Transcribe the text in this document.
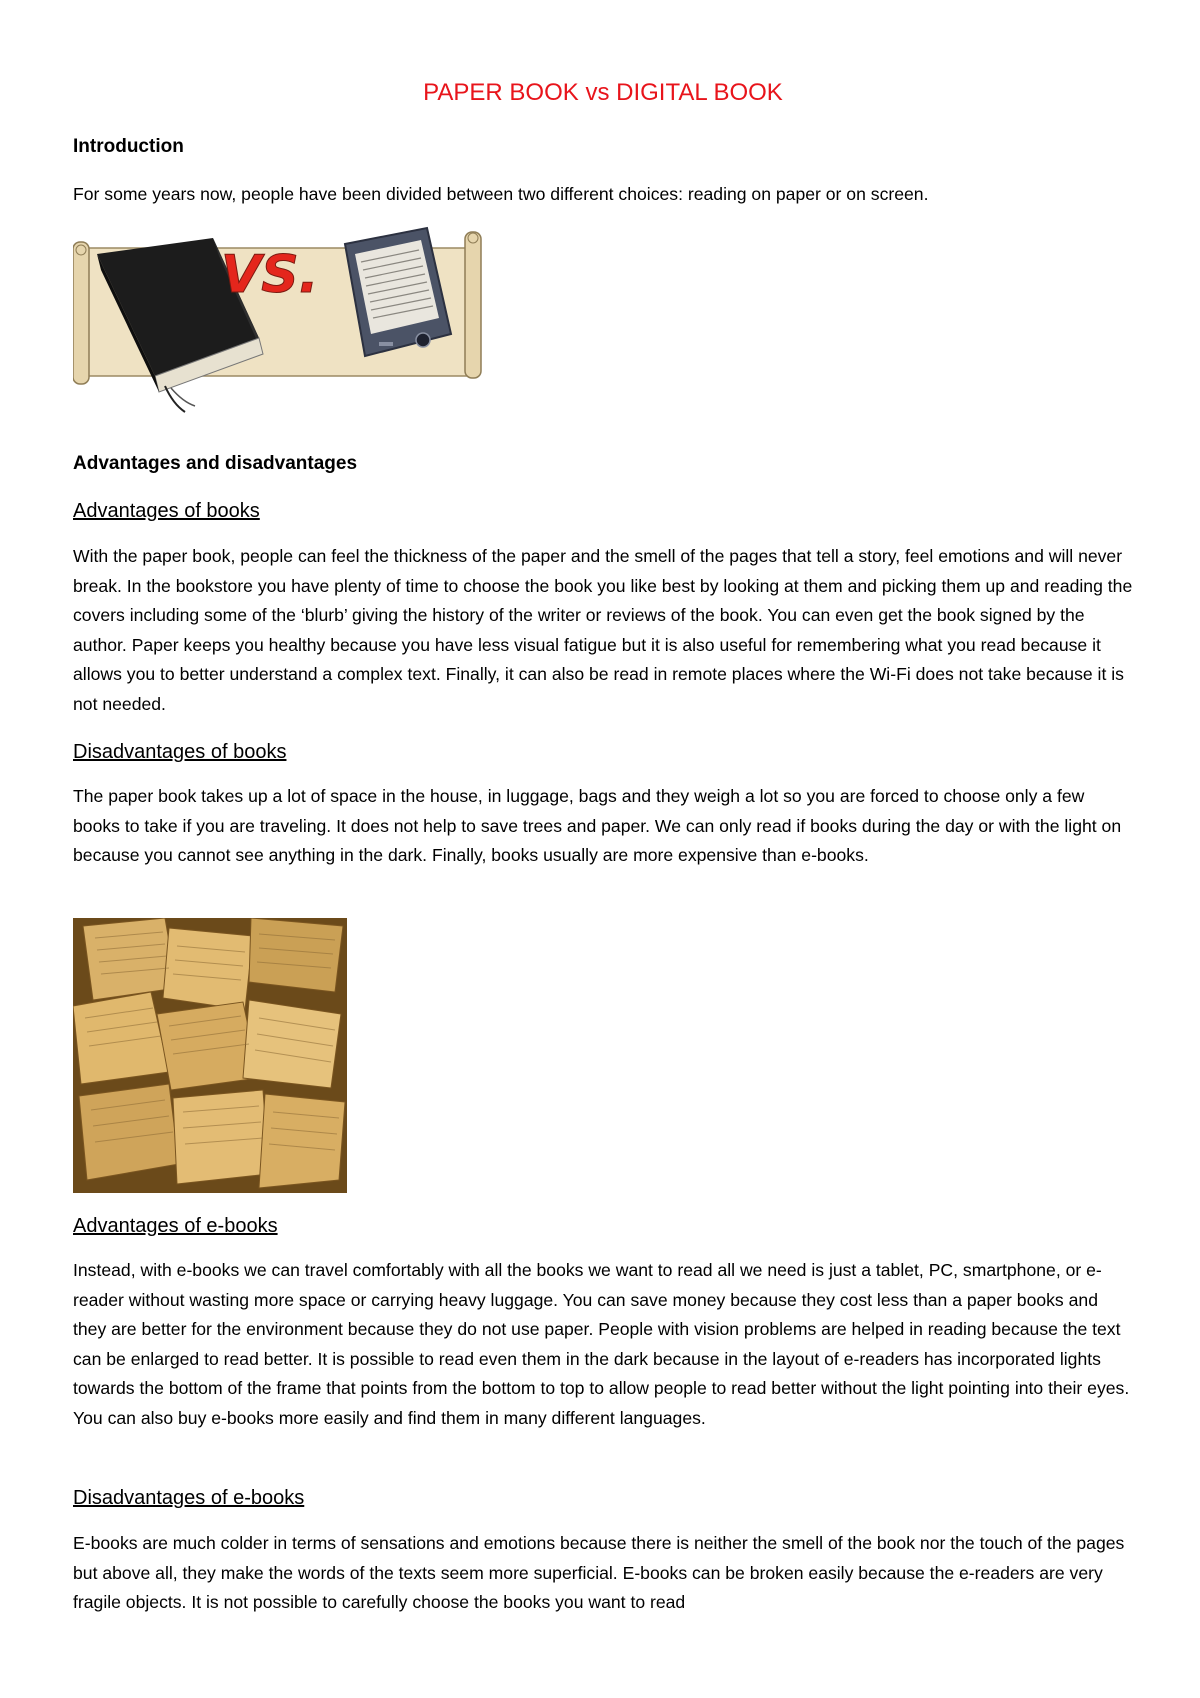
PAPER BOOK vs DIGITAL BOOK
Introduction

For some years now, people have been divided between two different choices: reading on paper or on screen.

VS.
Advantages and disadvantages
Advantages of books

With the paper book, people can feel the thickness of the paper and the smell of the pages that tell a story, feel emotions and will never break. In the bookstore you have plenty of time to choose the book you like best by looking at them and picking them up and reading the covers including some of the ‘blurb’ giving the history of the writer or reviews of the book. You can even get the book signed by the author. Paper keeps you healthy because you have less visual fatigue but it is also useful for remembering what you read because it allows you to better understand a complex text. Finally, it can also be read in remote places where the Wi-Fi does not take because it is not needed.

Disadvantages of books

The paper book takes up a lot of space in the house, in luggage, bags and they weigh a lot so you are forced to choose only a few books to take if you are traveling. It does not help to save trees and paper. We can only read if books during the day or with the light on because you cannot see anything in the dark. Finally, books usually are more expensive than e-books.

Advantages of e-books

Instead, with e-books we can travel comfortably with all the books we want to read all we need is just a tablet, PC, smartphone, or e-reader without wasting more space or carrying heavy luggage. You can save money because they cost less than a paper books and they are better for the environment because they do not use paper. People with vision problems are helped in reading because the text can be enlarged to read better. It is possible to read even them in the dark because in the layout of e-readers has incorporated lights towards the bottom of the frame that points from the bottom to top to allow people to read better without the light pointing into their eyes. You can also buy e-books more easily and find them in many different languages.

Disadvantages of e-books

E-books are much colder in terms of sensations and emotions because there is neither the smell of the book nor the touch of the pages but above all, they make the words of the texts seem more superficial. E-books can be broken easily because the e-readers are very fragile objects. It is not possible to carefully choose the books you want to read
